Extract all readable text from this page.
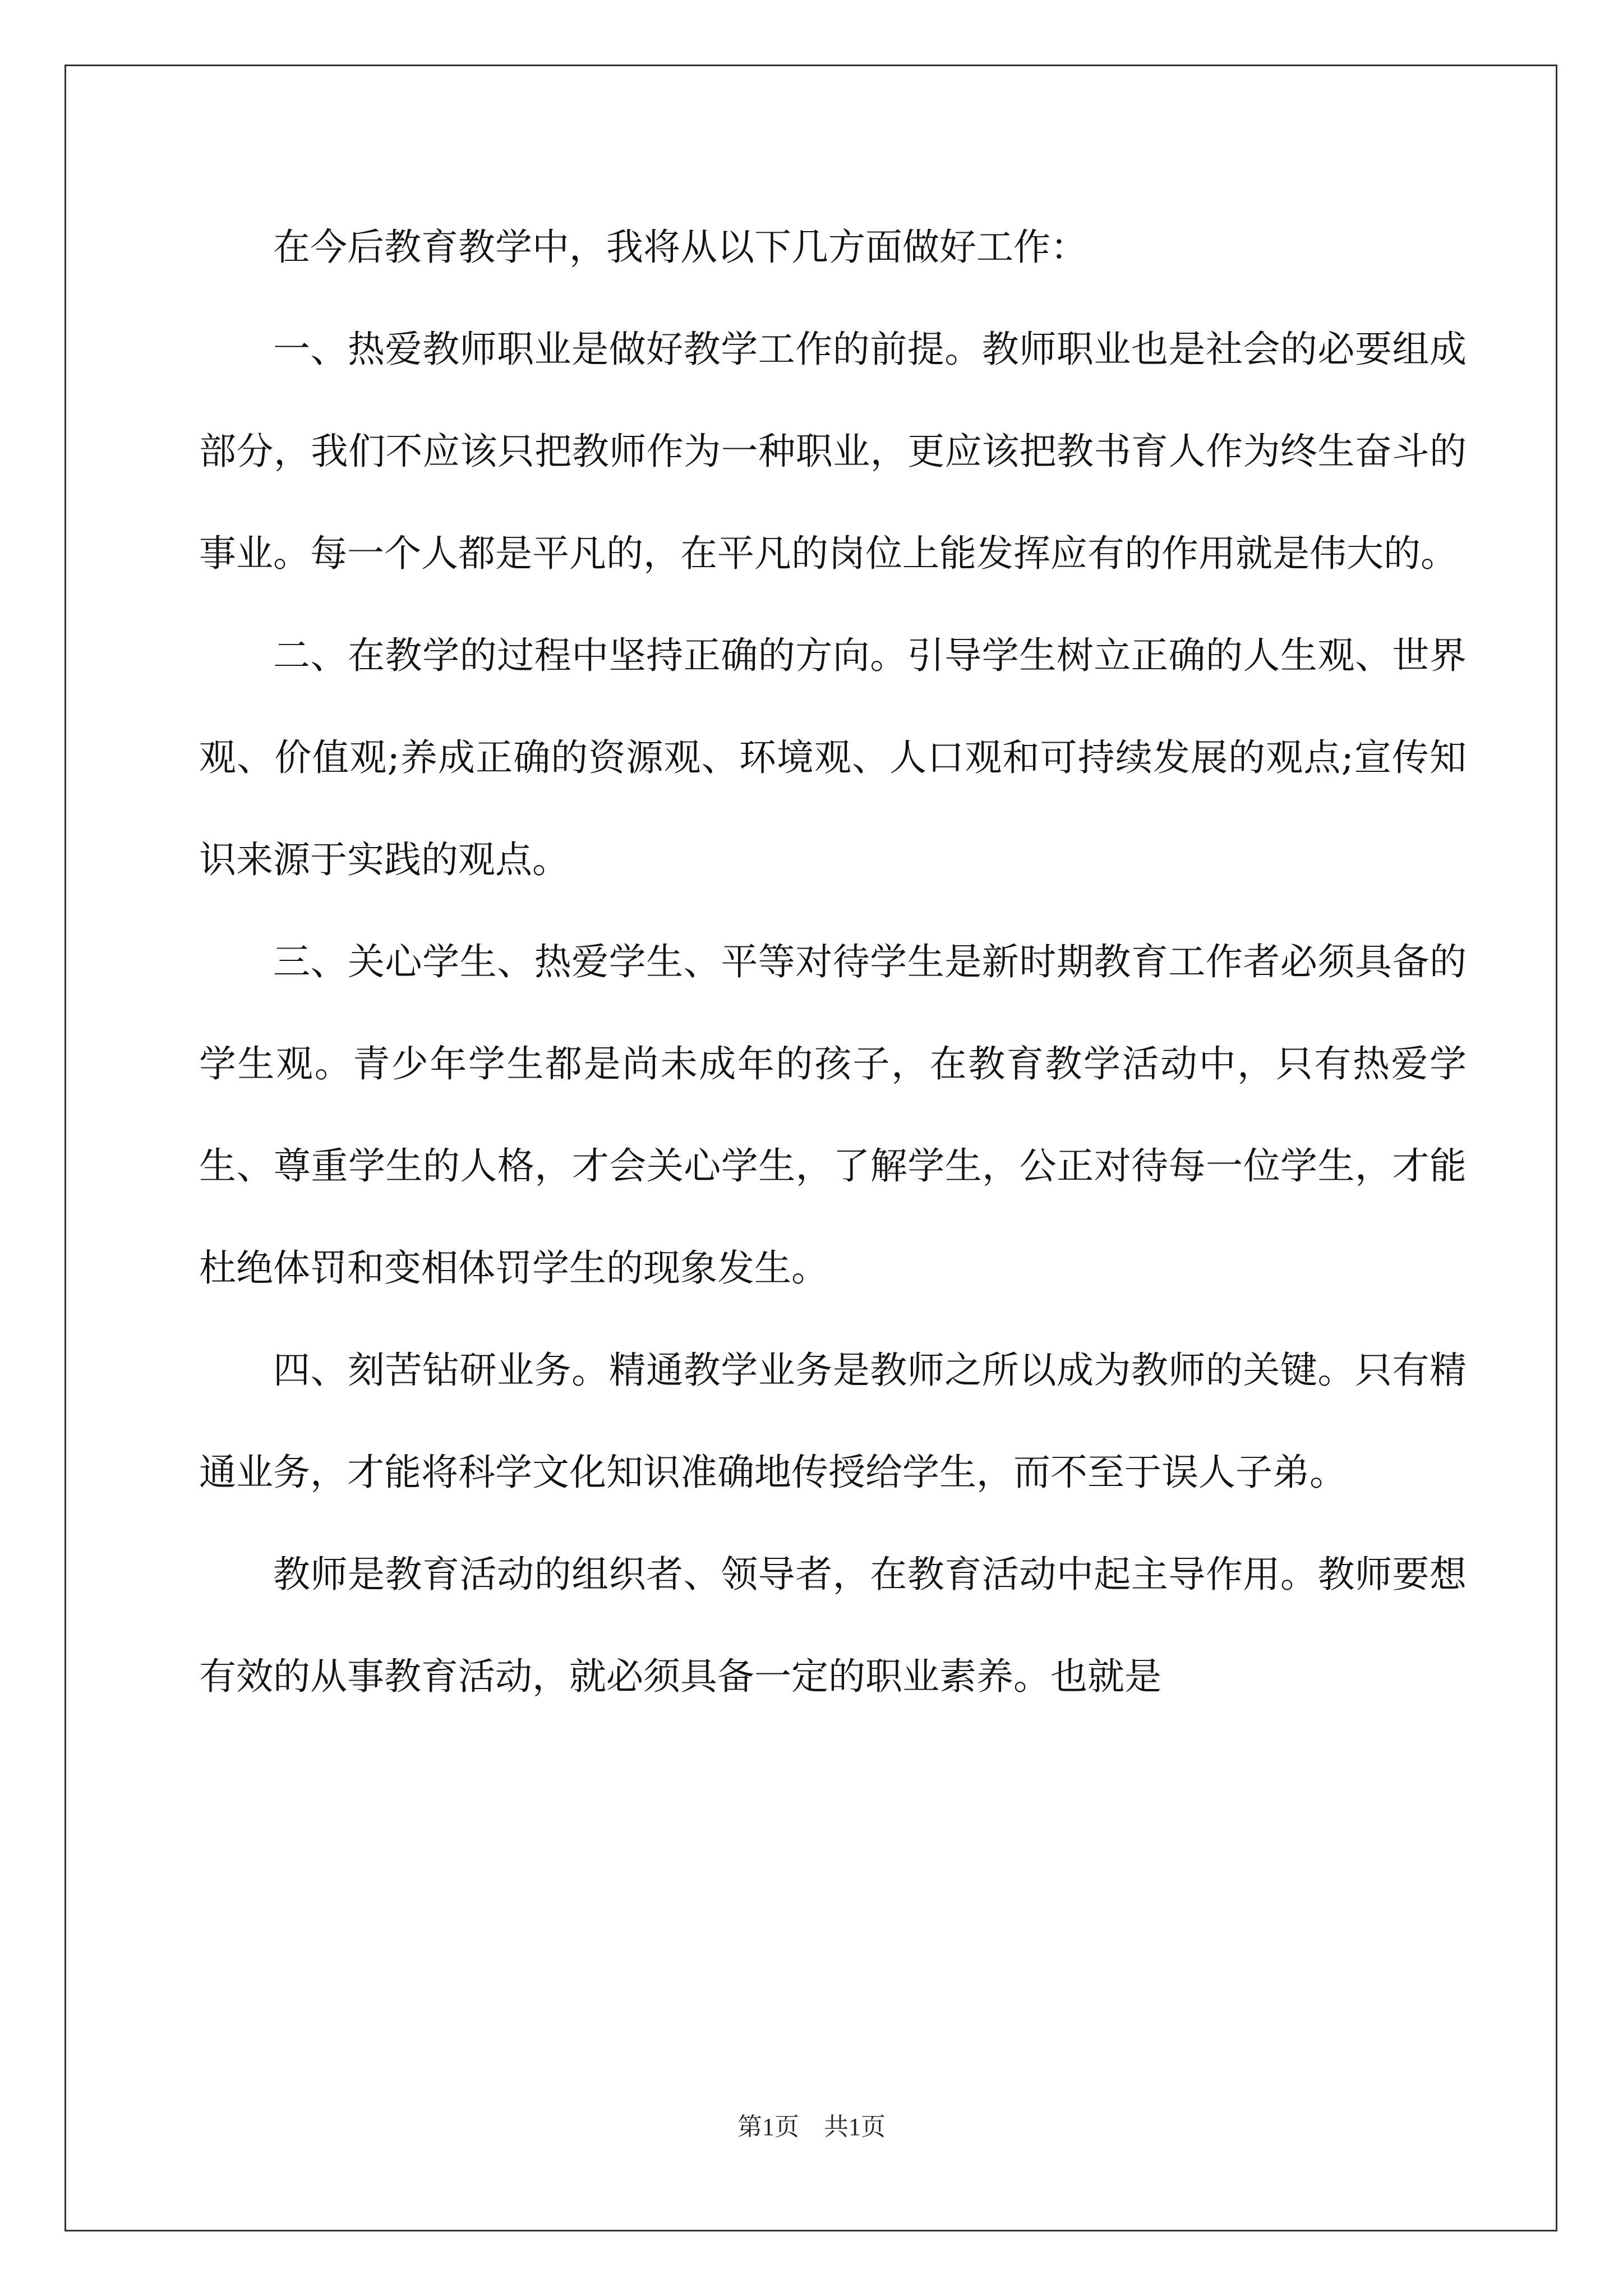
在今后教育教学中，我将从以下几方面做好工作：

一、热爱教师职业是做好教学工作的前提。教师职业也是社会的必要组成部分，我们不应该只把教师作为一种职业，更应该把教书育人作为终生奋斗的事业。每一个人都是平凡的，在平凡的岗位上能发挥应有的作用就是伟大的。

二、在教学的过程中坚持正确的方向。引导学生树立正确的人生观、世界观、价值观;养成正确的资源观、环境观、人口观和可持续发展的观点;宣传知识来源于实践的观点。

三、关心学生、热爱学生、平等对待学生是新时期教育工作者必须具备的学生观。青少年学生都是尚未成年的孩子，在教育教学活动中，只有热爱学生、尊重学生的人格，才会关心学生，了解学生，公正对待每一位学生，才能杜绝体罚和变相体罚学生的现象发生。

四、刻苦钻研业务。精通教学业务是教师之所以成为教师的关键。只有精通业务，才能将科学文化知识准确地传授给学生，而不至于误人子弟。

教师是教育活动的组织者、领导者，在教育活动中起主导作用。教师要想有效的从事教育活动，就必须具备一定的职业素养。也就是

第1页　共1页
